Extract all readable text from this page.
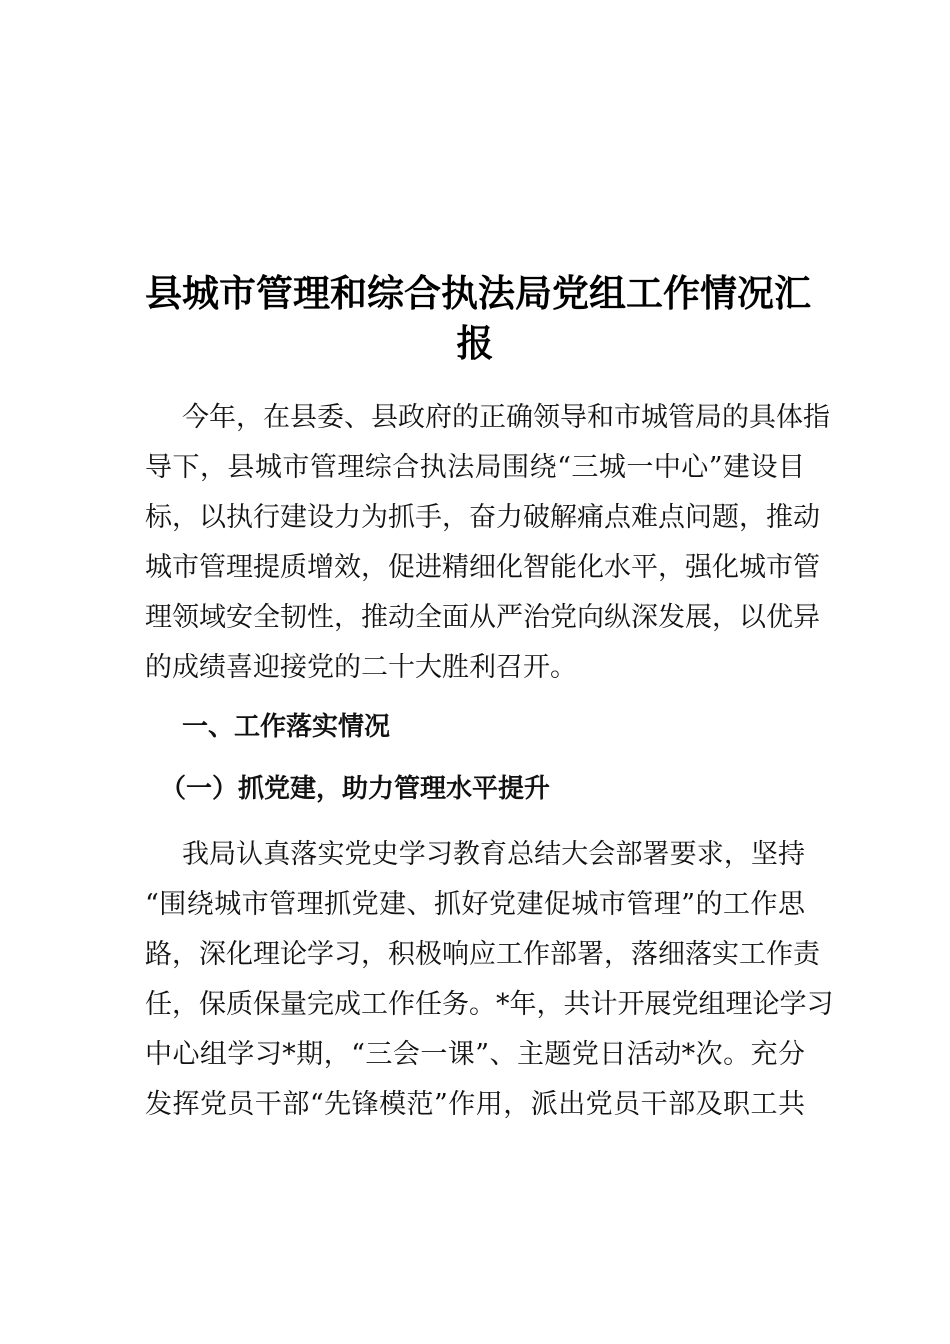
县城市管理和综合执法局党组工作情况汇
报
今年，在县委、县政府的正确领导和市城管局的具体指
导下，县城市管理综合执法局围绕“三城一中心”建设目
标，以执行建设力为抓手，奋力破解痛点难点问题，推动
城市管理提质增效，促进精细化智能化水平，强化城市管
理领域安全韧性，推动全面从严治党向纵深发展，以优异
的成绩喜迎接党的二十大胜利召开。
一、工作落实情况
（一）抓党建，助力管理水平提升
我局认真落实党史学习教育总结大会部署要求，坚持
“围绕城市管理抓党建、抓好党建促城市管理”的工作思
路，深化理论学习，积极响应工作部署，落细落实工作责
任，保质保量完成工作任务。*年，共计开展党组理论学习
中心组学习*期，“三会一课”、主题党日活动*次。充分
发挥党员干部“先锋模范”作用，派出党员干部及职工共
